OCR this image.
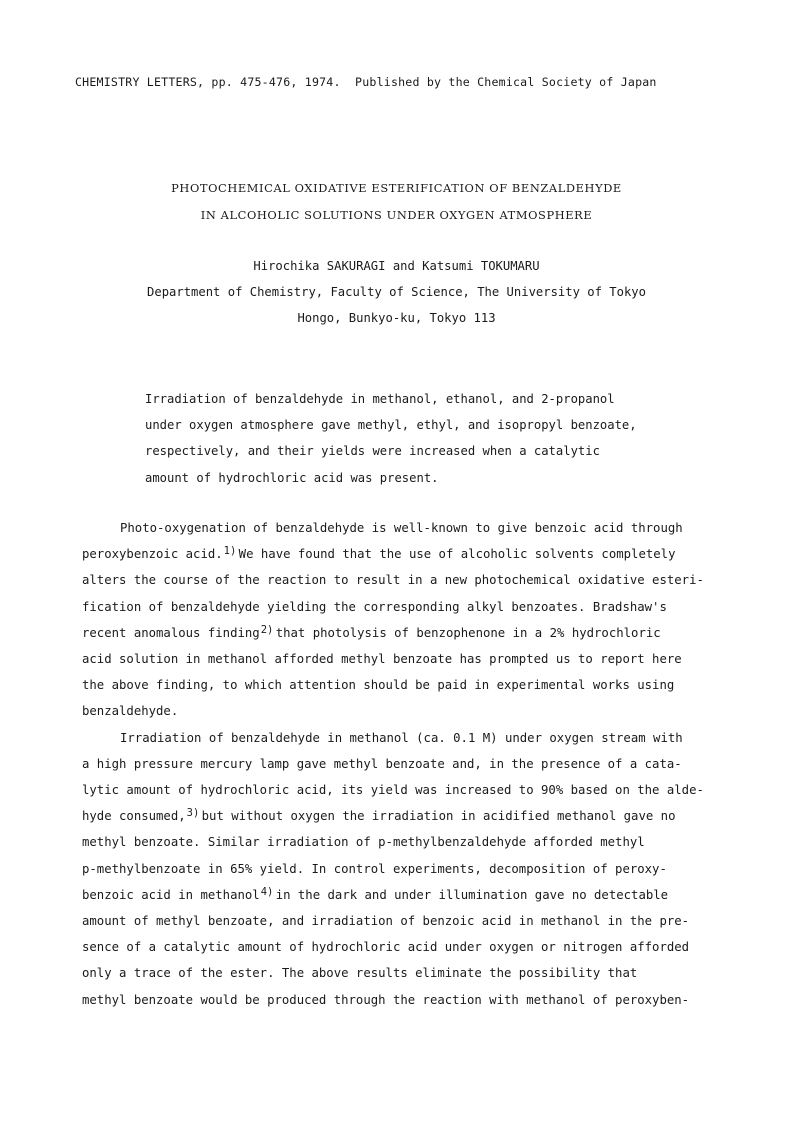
CHEMISTRY LETTERS, pp. 475-476, 1974. Published by the Chemical Society of Japan
PHOTOCHEMICAL OXIDATIVE ESTERIFICATION OF BENZALDEHYDE
IN ALCOHOLIC SOLUTIONS UNDER OXYGEN ATMOSPHERE
Hirochika SAKURAGI and Katsumi TOKUMARU
Department of Chemistry, Faculty of Science, The University of Tokyo
Hongo, Bunkyo-ku, Tokyo 113

Irradiation of benzaldehyde in methanol, ethanol, and 2-propanol

under oxygen atmosphere gave methyl, ethyl, and isopropyl benzoate,

respectively, and their yields were increased when a catalytic

amount of hydrochloric acid was present.

Photo-oxygenation of benzaldehyde is well-known to give benzoic acid through

peroxybenzoic acid. 1) We have found that the use of alcoholic solvents completely

alters the course of the reaction to result in a new photochemical oxidative esteri-

fication of benzaldehyde yielding the corresponding alkyl benzoates. Bradshaw's

recent anomalous finding 2) that photolysis of benzophenone in a 2% hydrochloric

acid solution in methanol afforded methyl benzoate has prompted us to report here

the above finding, to which attention should be paid in experimental works using

benzaldehyde.

Irradiation of benzaldehyde in methanol (ca. 0.1 M) under oxygen stream with

a high pressure mercury lamp gave methyl benzoate and, in the presence of a cata-

lytic amount of hydrochloric acid, its yield was increased to 90% based on the alde-

hyde consumed, 3) but without oxygen the irradiation in acidified methanol gave no

methyl benzoate. Similar irradiation of p-methylbenzaldehyde afforded methyl

p-methylbenzoate in 65% yield. In control experiments, decomposition of peroxy-

benzoic acid in methanol 4) in the dark and under illumination gave no detectable

amount of methyl benzoate, and irradiation of benzoic acid in methanol in the pre-

sence of a catalytic amount of hydrochloric acid under oxygen or nitrogen afforded

only a trace of the ester. The above results eliminate the possibility that

methyl benzoate would be produced through the reaction with methanol of peroxyben-
